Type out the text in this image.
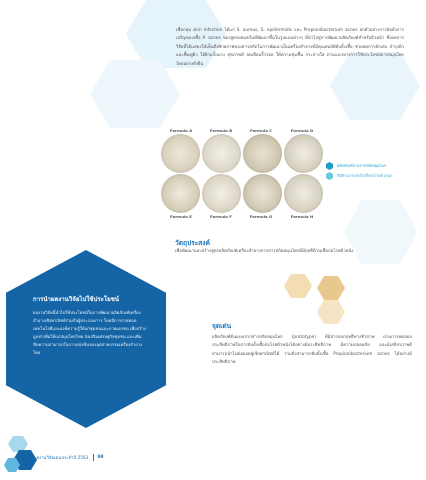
เชื้อกลุ่ม skin infection ได้แก่ S. aureus, S. epidermidis และ Propionibacterium acnes ยกตัวอย่างการยับยั้งการเจริญของเชื้อ P. acnes ของสูตรผสมครีมที่พัฒนาขึ้นในรูปแบบต่างๆ ที่นำไปสู่การพัฒนาผลิตภัณฑ์สำหรับผิวหน้า ซึ่งผลการวิจัยที่ได้แสดงให้เห็นถึงศักยภาพของสารสกัดในการพัฒนาเป็นเครื่องสำอางที่มีคุณสมบัติยับยั้งเชื้อ ช่วยลดการอักเสบ บำรุงผิว และฟื้นฟูผิว ให้ผิวแข็งแรง สุขภาพดี ลดเลือนริ้วรอย ให้ความชุ่มชื้น กระจ่างใส ตามแนวทางการใช้ประโยชน์จากสมุนไพรไทยอย่างยั่งยืน
Formula A	Formula B	Formula C	Formula D
Formula E	Formula F	Formula G	Formula H
ผลิตภัณฑ์จากสารสกัดสมุนไพร
ที่มีศักยภาพยับยั้งเชื้อก่อโรคผิวหนัง
วัตถุประสงค์
เพื่อพัฒนาและสร้างสูตรผลิตภัณฑ์เครื่องสำอางจากสารสกัดสมุนไพรที่มีฤทธิ์ต้านเชื้อก่อโรคผิวหนัง
การนำผลงานวิจัยไปใช้ประโยชน์
ผลงานวิจัยนี้นำไปใช้ประโยชน์ในการพัฒนาผลิตภัณฑ์เครื่องสำอางเชิงพาณิชย์ร่วมกับผู้ประกอบการ โดยมีการถ่ายทอดเทคโนโลยีและองค์ความรู้ให้แก่ชุมชนและภาคเอกชน เพื่อสร้างมูลค่าเพิ่มให้แก่สมุนไพรไทย ส่งเสริมเศรษฐกิจชุมชน และเพิ่มขีดความสามารถในการแข่งขันของอุตสาหกรรมเครื่องสำอางไทย
จุดเด่น
ผลิตภัณฑ์ต้นแบบจากสารสกัดสมุนไพร (prototype) ที่มีสารออกฤทธิ์ทางชีวภาพ ผ่านการทดสอบประสิทธิภาพในการยับยั้งเชื้อก่อโรคผิวหนังได้อย่างมีประสิทธิภาพ มีความปลอดภัย และมีเสถียรภาพดี สามารถนำไปต่อยอดสู่เชิงพาณิชย์ได้ รวมถึงสามารถยับยั้งเชื้อ Propionibacterium acnes ได้อย่างมีประสิทธิภาพ
ผลงานวิจัยเด่นประจำปี 2563 98
